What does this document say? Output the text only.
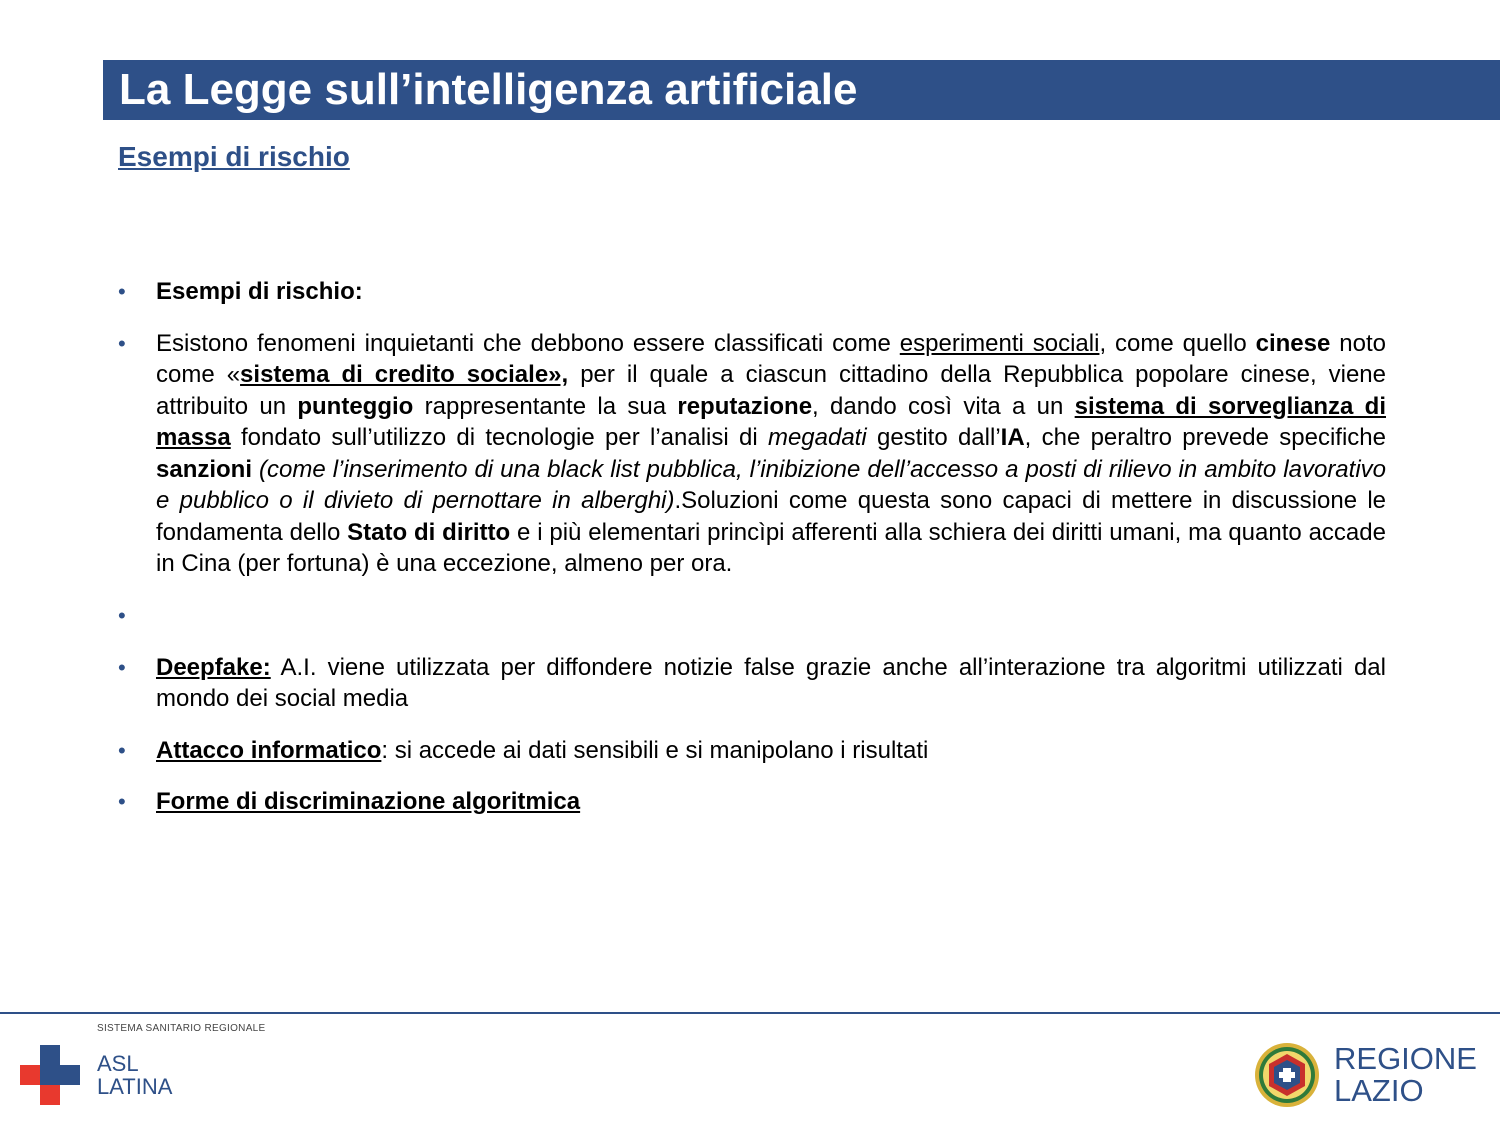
La Legge sull’intelligenza artificiale
Esempi di rischio
• Esempi di rischio:
• Esistono fenomeni inquietanti che debbono essere classificati come esperimenti sociali, come quello cinese noto come «sistema di credito sociale», per il quale a ciascun cittadino della Repubblica popolare cinese, viene attribuito un punteggio rappresentante la sua reputazione, dando così vita a un sistema di sorveglianza di massa fondato sull’utilizzo di tecnologie per l’analisi di megadati gestito dall’IA, che peraltro prevede specifiche sanzioni (come l’inserimento di una black list pubblica, l’inibizione dell’accesso a posti di rilievo in ambito lavorativo e pubblico o il divieto di pernottare in alberghi).Soluzioni come questa sono capaci di mettere in discussione le fondamenta dello Stato di diritto e i più elementari princìpi afferenti alla schiera dei diritti umani, ma quanto accade in Cina (per fortuna) è una eccezione, almeno per ora.
•
• Deepfake: A.I. viene utilizzata per diffondere notizie false grazie anche all’interazione tra algoritmi utilizzati dal mondo dei social media
• Attacco informatico: si accede ai dati sensibili e si manipolano i risultati
• Forme di discriminazione algoritmica
SISTEMA SANITARIO REGIONALE
ASL
LATINA
REGIONE
LAZIO
